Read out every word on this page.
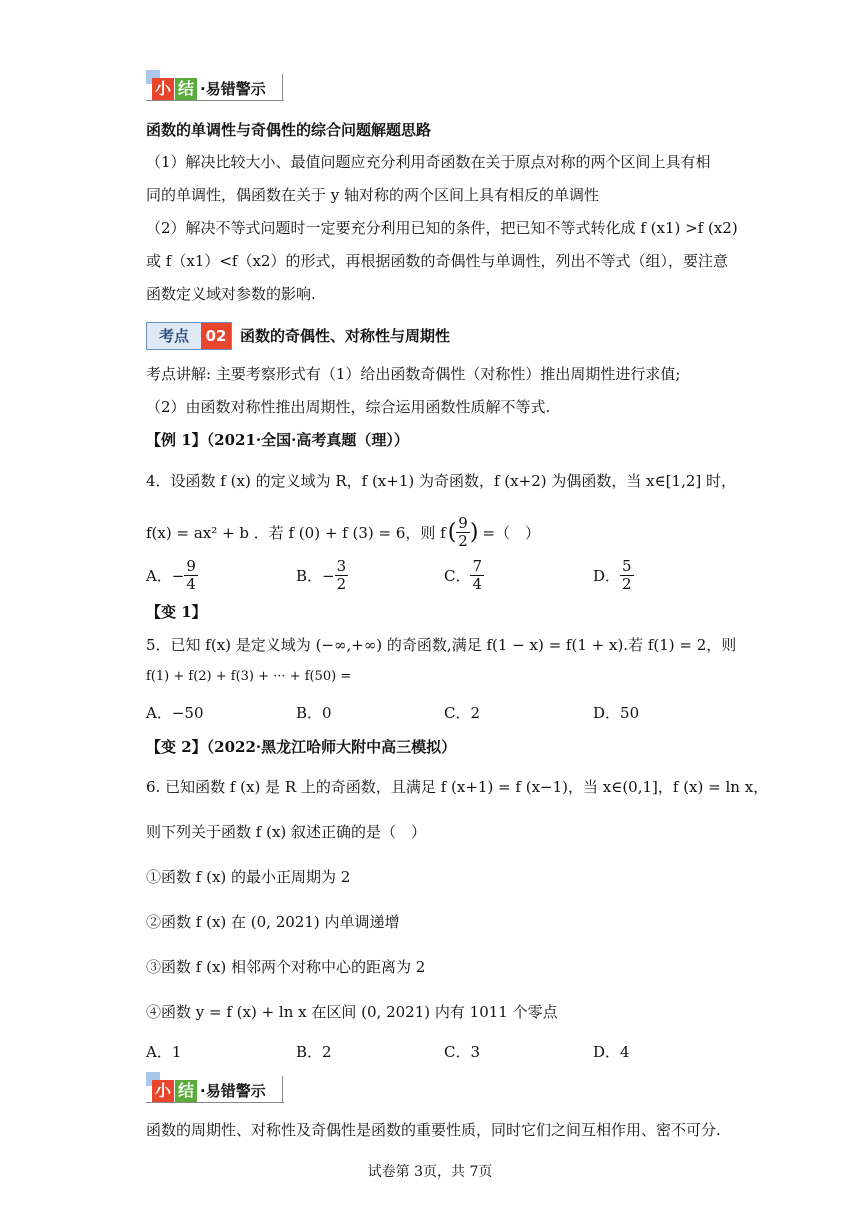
小 结 ·易错警示
函数的单调性与奇偶性的综合问题解题思路
（1）解决比较大小、最值问题应充分利用奇函数在关于原点对称的两个区间上具有相
同的单调性，偶函数在关于 y 轴对称的两个区间上具有相反的单调性
（2）解决不等式问题时一定要充分利用已知的条件，把已知不等式转化成 f (x1) >f (x2)
或 f（x1）<f（x2）的形式，再根据函数的奇偶性与单调性，列出不等式（组），要注意
函数定义域对参数的影响.
考点	02 函数的奇偶性、对称性与周期性
考点讲解: 主要考察形式有（1）给出函数奇偶性（对称性）推出周期性进行求值;
（2）由函数对称性推出周期性，综合运用函数性质解不等式.
【例 1】（2021·全国·高考真题（理））
4．设函数 f (x) 的定义域为 R，f (x+1) 为奇函数，f (x+2) 为偶函数，当 x∈[1,2] 时，
f(x) = ax² + b ．若 f (0) + f (3) = 6，则 f ( $\frac{9}{2}$ ) =（　）
A．− $\frac{9}{4}$	B．− $\frac{3}{2}$	C． $\frac{7}{4}$	D． $\frac{5}{2}$
【变 1】
5．已知 f(x) 是定义域为 (−∞,+∞) 的奇函数,满足 f(1 − x) = f(1 + x).若 f(1) = 2，则
f(1) + f(2) + f(3) + ··· + f(50) =
A．−50	B．0	C．2	D．50
【变 2】（2022·黑龙江哈师大附中高三模拟）
6. 已知函数 f (x) 是 R 上的奇函数，且满足 f (x+1) = f (x−1)，当 x∈(0,1]，f (x) = ln x，
则下列关于函数 f (x) 叙述正确的是（　）
①函数 f (x) 的最小正周期为 2
②函数 f (x) 在 (0, 2021) 内单调递增
③函数 f (x) 相邻两个对称中心的距离为 2
④函数 y = f (x) + ln x 在区间 (0, 2021) 内有 1011 个零点
A．1	B．2	C．3	D．4
小 结 ·易错警示
函数的周期性、对称性及奇偶性是函数的重要性质，同时它们之间互相作用、密不可分.
试卷第 3页，共 7页
